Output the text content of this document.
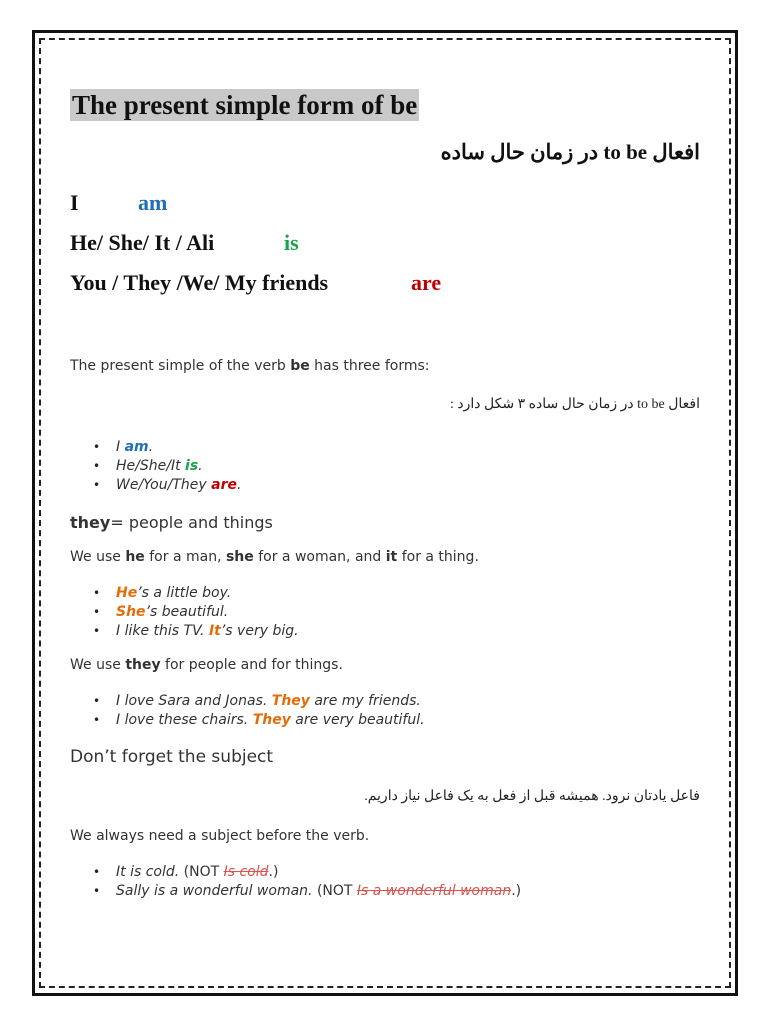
The present simple form of be
افعال to be در زمان حال ساده
I	am
He/ She/ It / Ali	is
You / They /We/ My friends	are
The present simple of the verb be has three forms:
افعال to be در زمان حال ساده ۳ شکل دارد :
• I am.
• He/She/It is.
• We/You/They are.
they= people and things
We use he for a man, she for a woman, and it for a thing.
• He’s a little boy.
• She’s beautiful.
• I like this TV. It’s very big.
We use they for people and for things.
• I love Sara and Jonas. They are my friends.
• I love these chairs. They are very beautiful.
Don’t forget the subject
فاعل یادتان نرود. همیشه قبل از فعل به یک فاعل نیاز داریم.
We always need a subject before the verb.
• It is cold. (NOT Is cold.)
• Sally is a wonderful woman. (NOT Is a wonderful woman.)
